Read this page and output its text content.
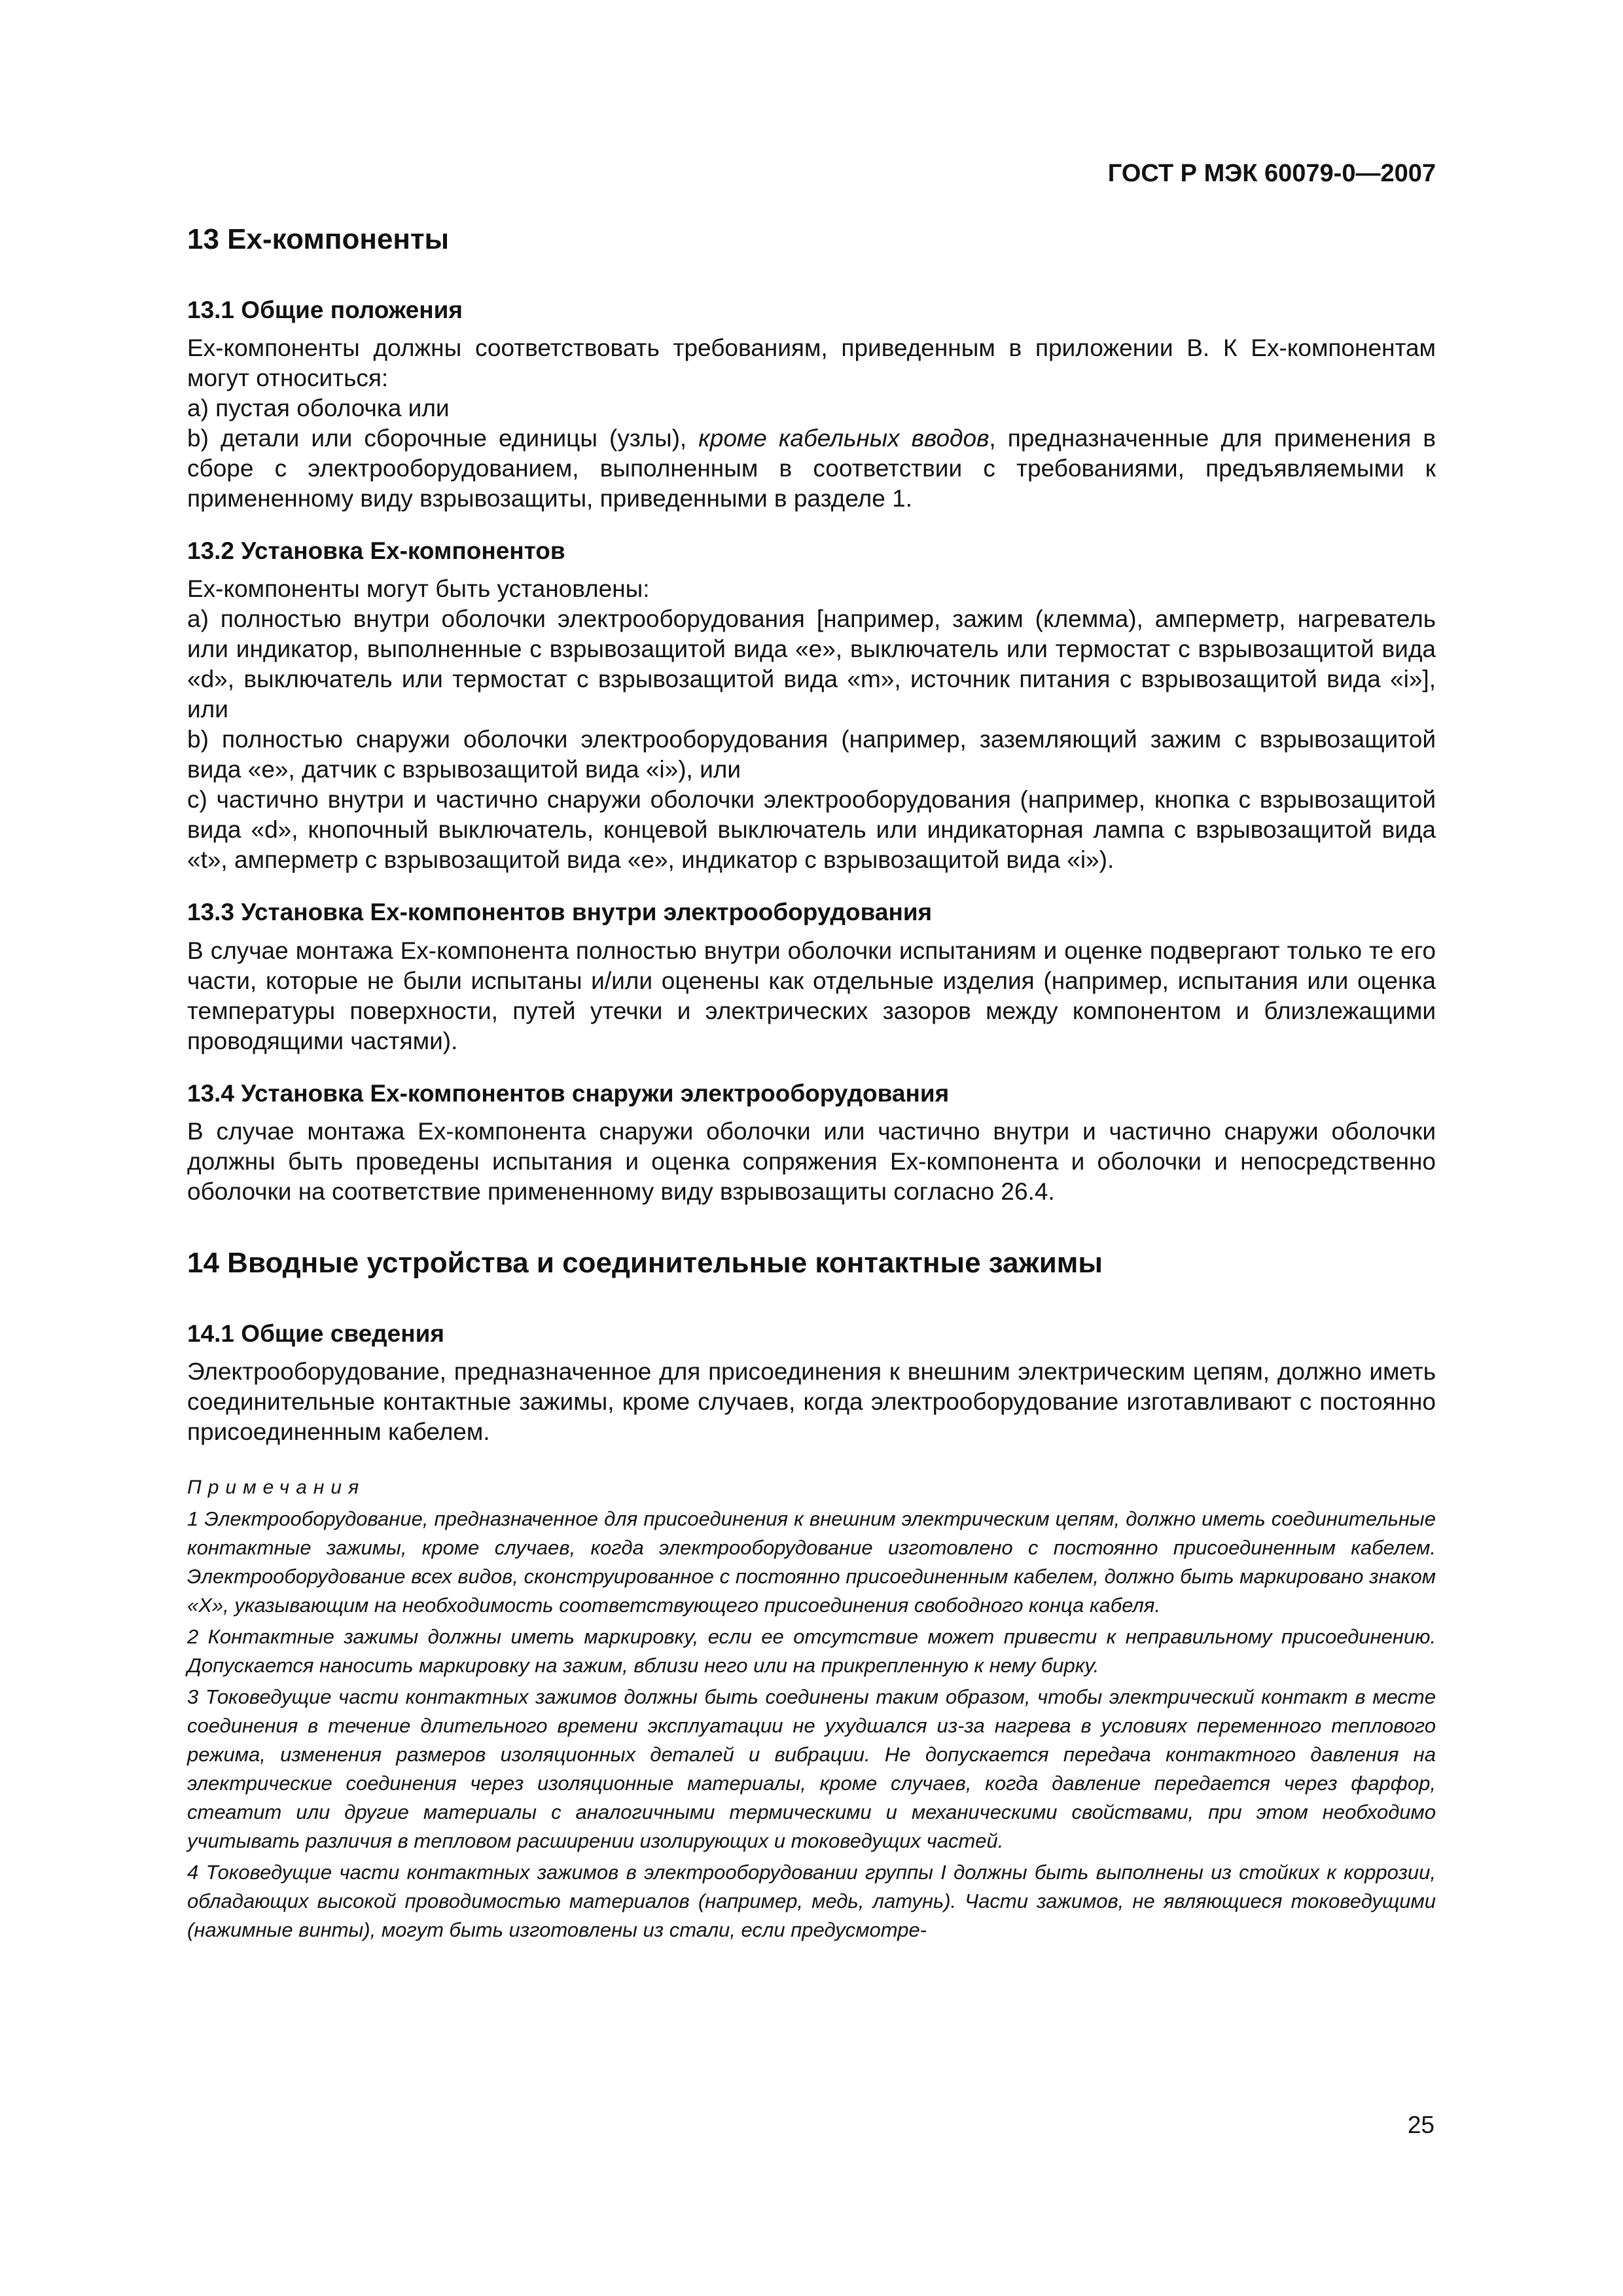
ГОСТ Р МЭК 60079-0—2007
13 Ex-компоненты
13.1 Общие положения

Ex-компоненты должны соответствовать требованиям, приведенным в приложении В. К Ex-компонентам могут относиться:

a) пустая оболочка или

b) детали или сборочные единицы (узлы), кроме кабельных вводов, предназначенные для применения в сборе с электрооборудованием, выполненным в соответствии с требованиями, предъявляемыми к примененному виду взрывозащиты, приведенными в разделе 1.

13.2 Установка Ex-компонентов

Ex-компоненты могут быть установлены:

а) полностью внутри оболочки электрооборудования [например, зажим (клемма), амперметр, нагреватель или индикатор, выполненные с взрывозащитой вида «е», выключатель или термостат с взрывозащитой вида «d», выключатель или термостат с взрывозащитой вида «m», источник питания с взрывозащитой вида «i»], или

b) полностью снаружи оболочки электрооборудования (например, заземляющий зажим с взрывозащитой вида «е», датчик с взрывозащитой вида «i»), или

с) частично внутри и частично снаружи оболочки электрооборудования (например, кнопка с взрывозащитой вида «d», кнопочный выключатель, концевой выключатель или индикаторная лампа с взрывозащитой вида «t», амперметр с взрывозащитой вида «е», индикатор с взрывозащитой вида «i»).

13.3 Установка Ex-компонентов внутри электрооборудования

В случае монтажа Ex-компонента полностью внутри оболочки испытаниям и оценке подвергают только те его части, которые не были испытаны и/или оценены как отдельные изделия (например, испытания или оценка температуры поверхности, путей утечки и электрических зазоров между компонентом и близлежащими проводящими частями).

13.4 Установка Ex-компонентов снаружи электрооборудования

В случае монтажа Ex-компонента снаружи оболочки или частично внутри и частично снаружи оболочки должны быть проведены испытания и оценка сопряжения Ex-компонента и оболочки и непосредственно оболочки на соответствие примененному виду взрывозащиты согласно 26.4.

14 Вводные устройства и соединительные контактные зажимы
14.1 Общие сведения

Электрооборудование, предназначенное для присоединения к внешним электрическим цепям, должно иметь соединительные контактные зажимы, кроме случаев, когда электрооборудование изготавливают с постоянно присоединенным кабелем.

Примечания

1 Электрооборудование, предназначенное для присоединения к внешним электрическим цепям, должно иметь соединительные контактные зажимы, кроме случаев, когда электрооборудование изготовлено с постоянно присоединенным кабелем. Электрооборудование всех видов, сконструированное с постоянно присоединенным кабелем, должно быть маркировано знаком «X», указывающим на необходимость соответствующего присоединения свободного конца кабеля.

2 Контактные зажимы должны иметь маркировку, если ее отсутствие может привести к неправильному присоединению. Допускается наносить маркировку на зажим, вблизи него или на прикрепленную к нему бирку.

3 Токоведущие части контактных зажимов должны быть соединены таким образом, чтобы электрический контакт в месте соединения в течение длительного времени эксплуатации не ухудшался из-за нагрева в условиях переменного теплового режима, изменения размеров изоляционных деталей и вибрации. Не допускается передача контактного давления на электрические соединения через изоляционные материалы, кроме случаев, когда давление передается через фарфор, стеатит или другие материалы с аналогичными термическими и механическими свойствами, при этом необходимо учитывать различия в тепловом расширении изолирующих и токоведущих частей.

4 Токоведущие части контактных зажимов в электрооборудовании группы I должны быть выполнены из стойких к коррозии, обладающих высокой проводимостью материалов (например, медь, латунь). Части зажимов, не являющиеся токоведущими (нажимные винты), могут быть изготовлены из стали, если предусмотре-

25
